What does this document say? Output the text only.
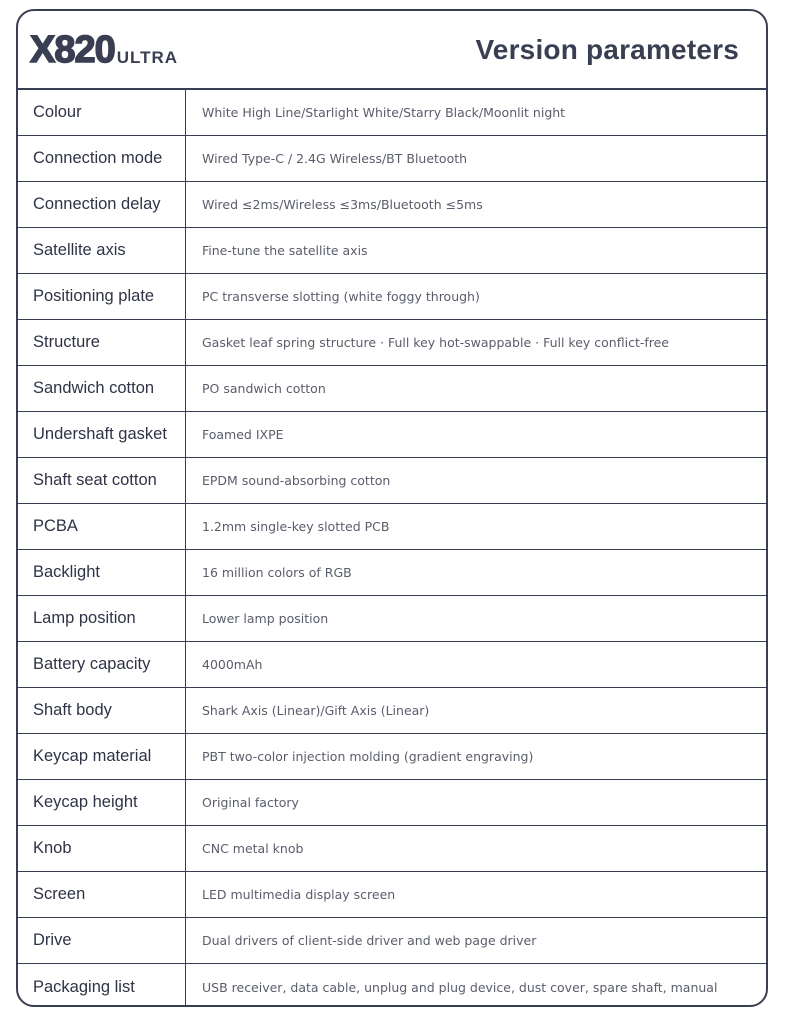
X820 ULTRA	Version parameters
Colour	White High Line/Starlight White/Starry Black/Moonlit night
Connection mode	Wired Type-C / 2.4G Wireless/BT Bluetooth
Connection delay	Wired ≤2ms/Wireless ≤3ms/Bluetooth ≤5ms
Satellite axis	Fine-tune the satellite axis
Positioning plate	PC transverse slotting (white foggy through)
Structure	Gasket leaf spring structure · Full key hot-swappable · Full key conflict-free
Sandwich cotton	PO sandwich cotton
Undershaft gasket	Foamed IXPE
Shaft seat cotton	EPDM sound-absorbing cotton
PCBA	1.2mm single-key slotted PCB
Backlight	16 million colors of RGB
Lamp position	Lower lamp position
Battery capacity	4000mAh
Shaft body	Shark Axis (Linear)/Gift Axis (Linear)
Keycap material	PBT two-color injection molding (gradient engraving)
Keycap height	Original factory
Knob	CNC metal knob
Screen	LED multimedia display screen
Drive	Dual drivers of client-side driver and web page driver
Packaging list	USB receiver, data cable, unplug and plug device, dust cover, spare shaft, manual
